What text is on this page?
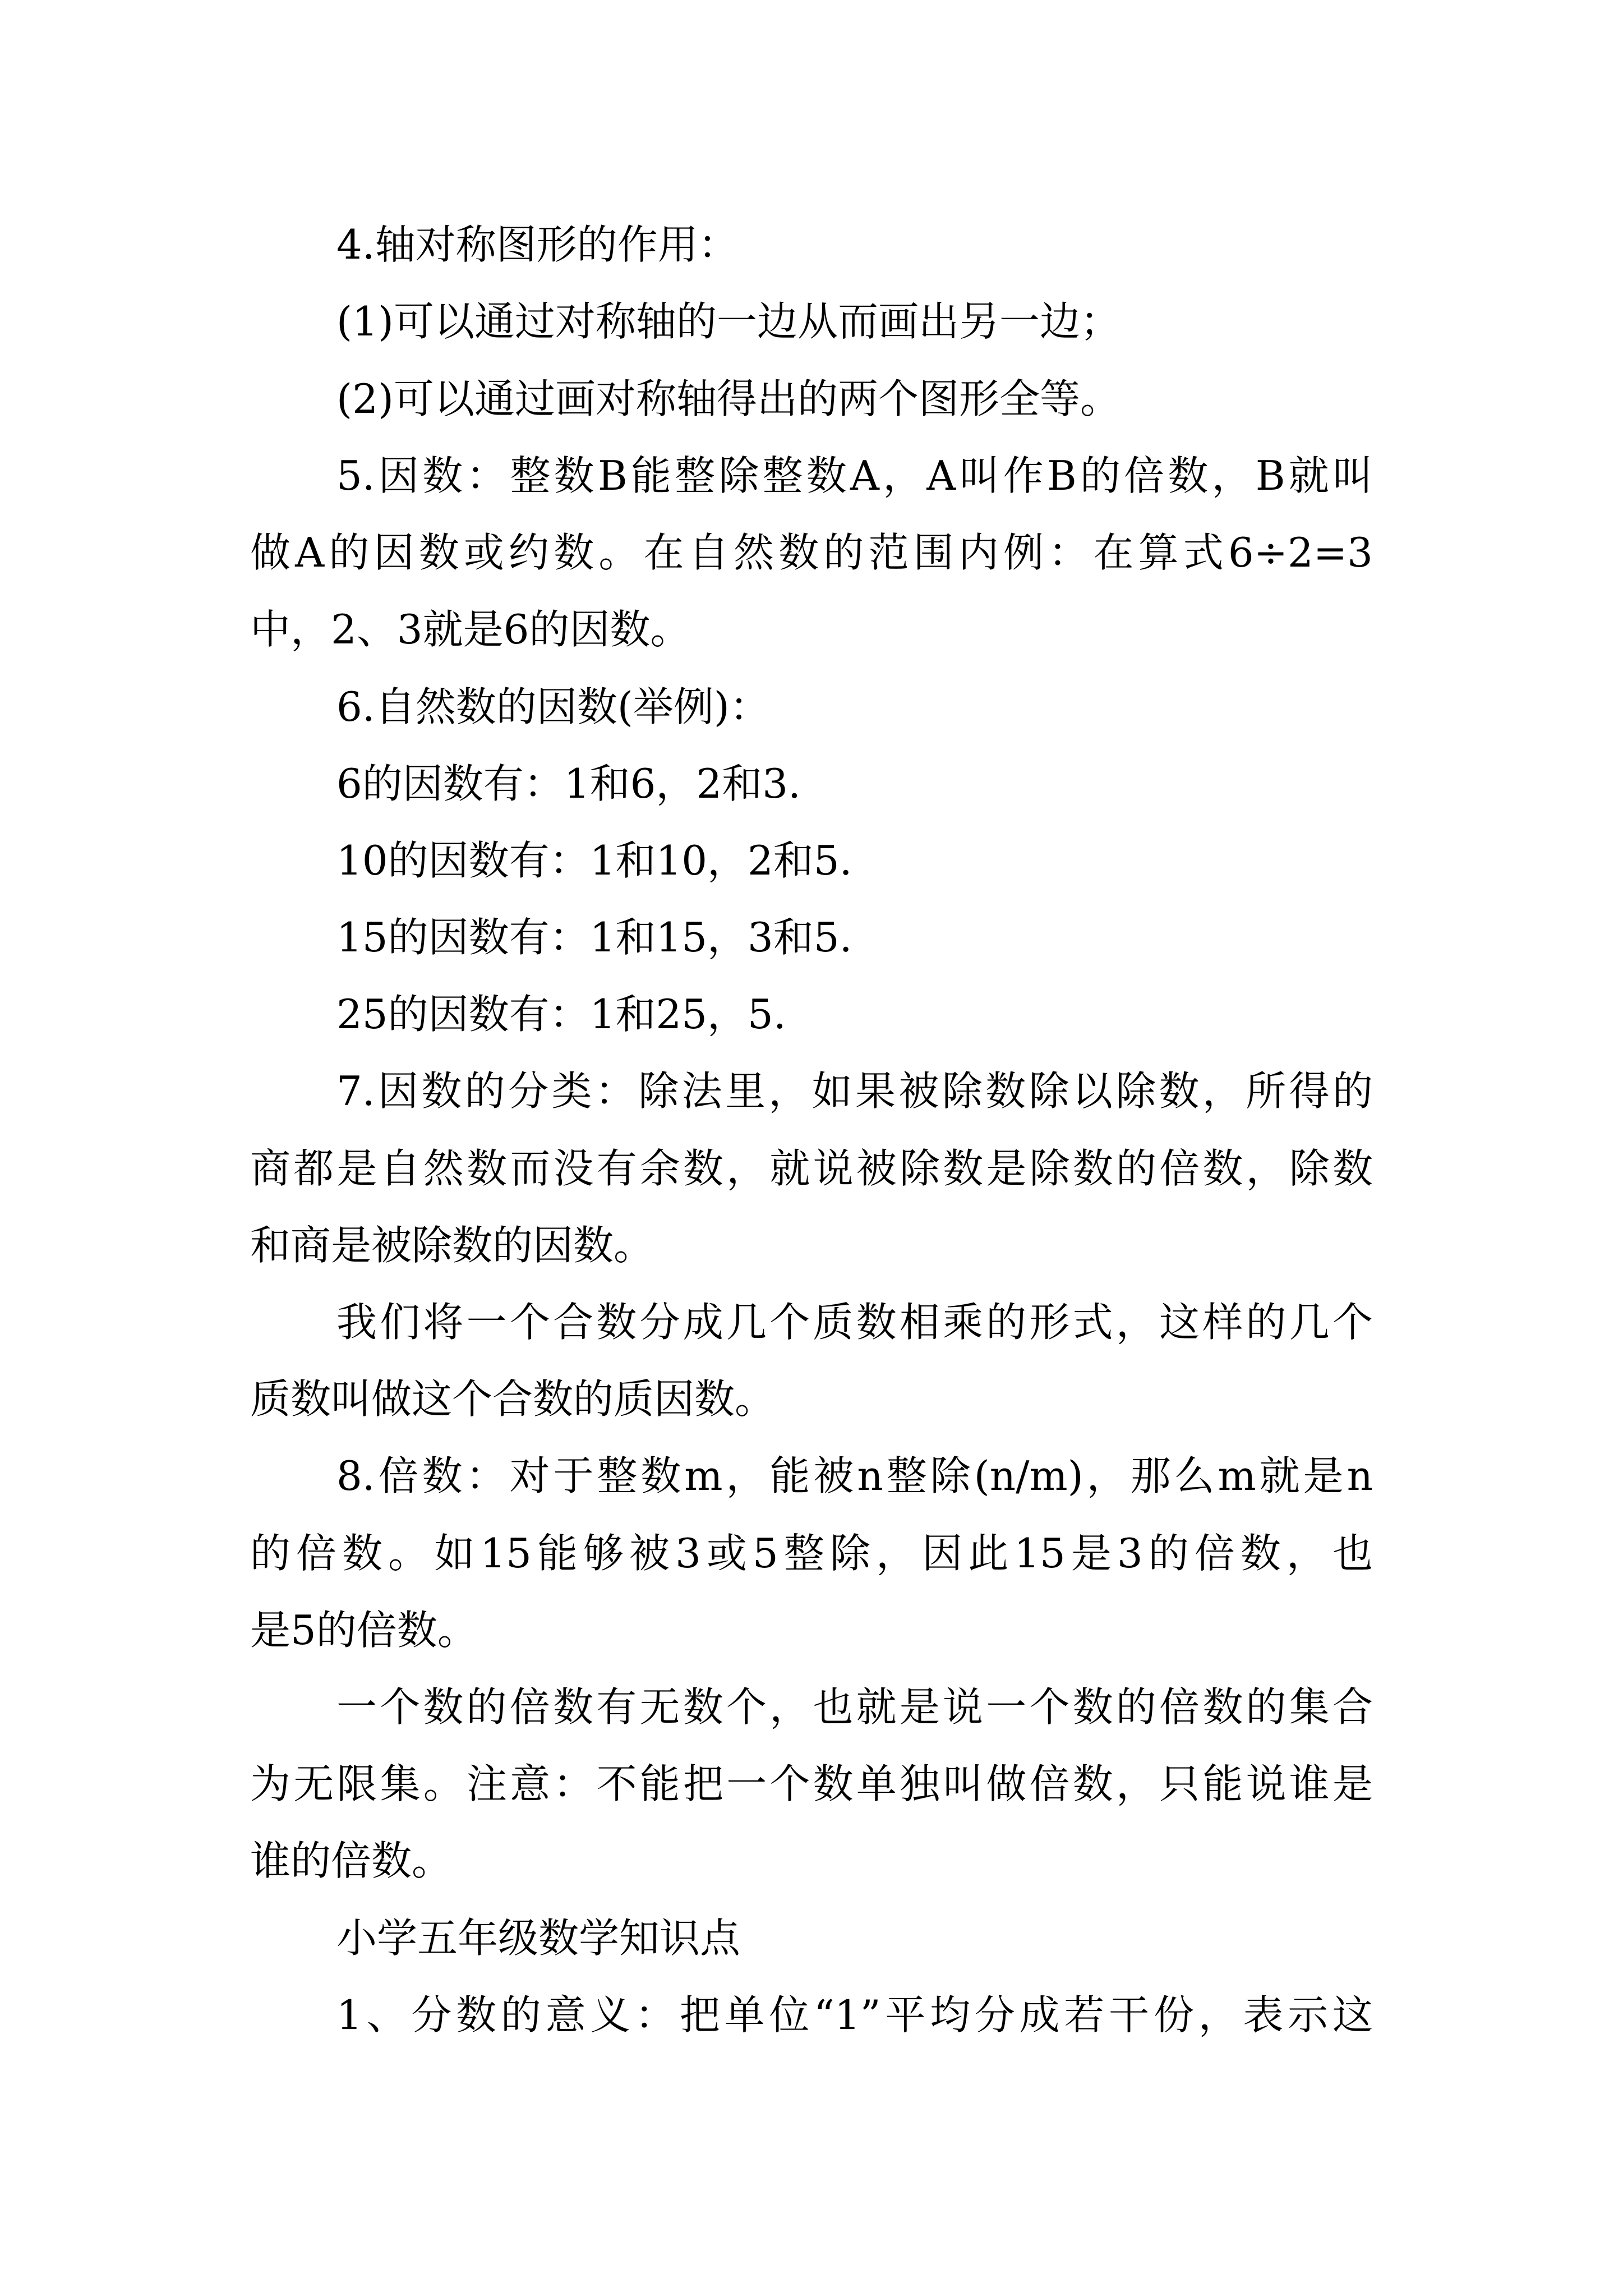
4.轴对称图形的作用：
(1)可以通过对称轴的一边从而画出另一边；
(2)可以通过画对称轴得出的两个图形全等。
5.因数：整数B能整除整数A，A叫作B的倍数，B就叫
做A的因数或约数。在自然数的范围内例：在算式6÷2=3
中，2、3就是6的因数。
6.自然数的因数(举例)：
6的因数有：1和6，2和3.
10的因数有：1和10，2和5.
15的因数有：1和15，3和5.
25的因数有：1和25，5.
7.因数的分类：除法里，如果被除数除以除数，所得的
商都是自然数而没有余数，就说被除数是除数的倍数，除数
和商是被除数的因数。
我们将一个合数分成几个质数相乘的形式，这样的几个
质数叫做这个合数的质因数。
8.倍数：对于整数m，能被n整除(n/m)，那么m就是n
的倍数。如15能够被3或5整除，因此15是3的倍数，也
是5的倍数。
一个数的倍数有无数个，也就是说一个数的倍数的集合
为无限集。注意：不能把一个数单独叫做倍数，只能说谁是
谁的倍数。
小学五年级数学知识点
1、分数的意义：把单位“1”平均分成若干份，表示这
